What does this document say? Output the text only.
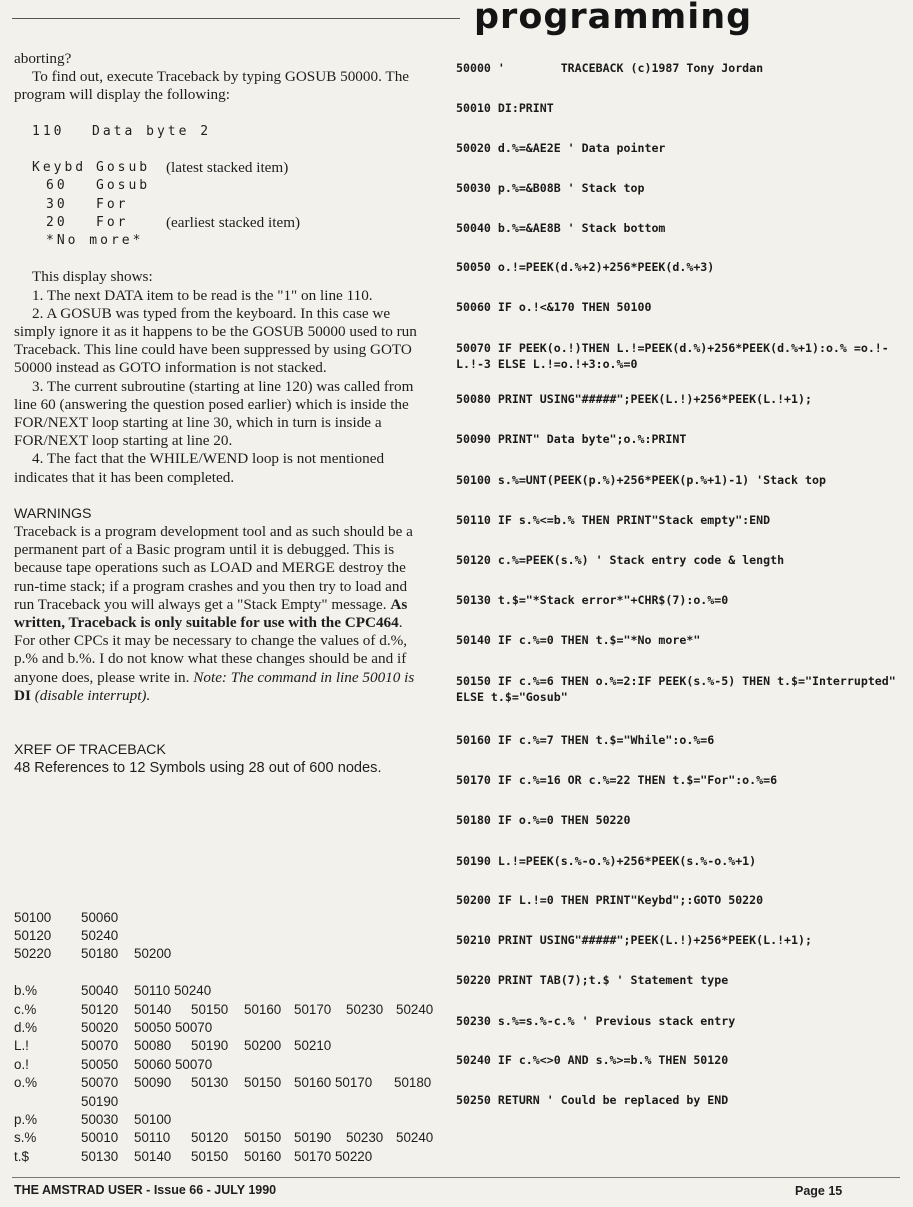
programming

aborting?

To find out, execute Traceback by typing GOSUB 50000. The program will display the following:

110	Data byte 2
Keybd Gosub	(latest stacked item)
60	Gosub
30	For
20	For	(earliest stacked item)
*No more*

This display shows:

1. The next DATA item to be read is the "1" on line 110.

2. A GOSUB was typed from the keyboard. In this case we simply ignore it as it happens to be the GOSUB 50000 used to run Traceback. This line could have been suppressed by using GOTO 50000 instead as GOTO information is not stacked.

3. The current subroutine (starting at line 120) was called from line 60 (answering the question posed earlier) which is inside the FOR/NEXT loop starting at line 30, which in turn is inside a FOR/NEXT loop starting at line 20.

4. The fact that the WHILE/WEND loop is not mentioned indicates that it has been completed.

WARNINGS

Traceback is a program development tool and as such should be a permanent part of a Basic program until it is debugged. This is because tape operations such as LOAD and MERGE destroy the run-time stack; if a program crashes and you then try to load and run Traceback you will always get a "Stack Empty" message. As written, Traceback is only suitable for use with the CPC464. For other CPCs it may be necessary to change the values of d.%, p.% and b.%. I do not know what these changes should be and if anyone does, please write in. Note: The command in line 50010 is DI (disable interrupt).

XREF OF TRACEBACK

48 References to 12 Symbols using 28 out of 600 nodes.

50100	50060
50120	50240
50220	50180	50200
b.%	50040	50110 50240
c.%	50120	50140	50150	50160 50170	50230 50240
d.%	50020	50050 50070
L.!	50070	50080	50190	50200 50210
o.!	50050	50060 50070
o.%	50070	50090	50130	50150 50160 50170	50180
50190
p.%	50030	50100
s.%	50010	50110	50120	50150 50190	50230 50240
t.$	50130	50140	50150	50160 50170 50220
50000 '        TRACEBACK (c)1987 Tony Jordan
50010 DI:PRINT
50020 d.%=&AE2E ' Data pointer
50030 p.%=&B08B ' Stack top
50040 b.%=&AE8B ' Stack bottom
50050 o.!=PEEK(d.%+2)+256*PEEK(d.%+3)
50060 IF o.!<&170 THEN 50100
50070 IF PEEK(o.!)THEN L.!=PEEK(d.%)+256*PEEK(d.%+1):o.% =o.!-L.!-3 ELSE L.!=o.!+3:o.%=0
50080 PRINT USING"#####";PEEK(L.!)+256*PEEK(L.!+1);
50090 PRINT" Data byte";o.%:PRINT
50100 s.%=UNT(PEEK(p.%)+256*PEEK(p.%+1)-1) 'Stack top
50110 IF s.%<=b.% THEN PRINT"Stack empty":END
50120 c.%=PEEK(s.%) ' Stack entry code & length
50130 t.$="*Stack error*"+CHR$(7):o.%=0
50140 IF c.%=0 THEN t.$="*No more*"
50150 IF c.%=6 THEN o.%=2:IF PEEK(s.%-5) THEN t.$="Interrupted" ELSE t.$="Gosub"
50160 IF c.%=7 THEN t.$="While":o.%=6
50170 IF c.%=16 OR c.%=22 THEN t.$="For":o.%=6
50180 IF o.%=0 THEN 50220
50190 L.!=PEEK(s.%-o.%)+256*PEEK(s.%-o.%+1)
50200 IF L.!=0 THEN PRINT"Keybd";:GOTO 50220
50210 PRINT USING"#####";PEEK(L.!)+256*PEEK(L.!+1);
50220 PRINT TAB(7);t.$ ' Statement type
50230 s.%=s.%-c.% ' Previous stack entry
50240 IF c.%<>0 AND s.%>=b.% THEN 50120
50250 RETURN ' Could be replaced by END
THE AMSTRAD USER - Issue 66 - JULY 1990	Page 15
